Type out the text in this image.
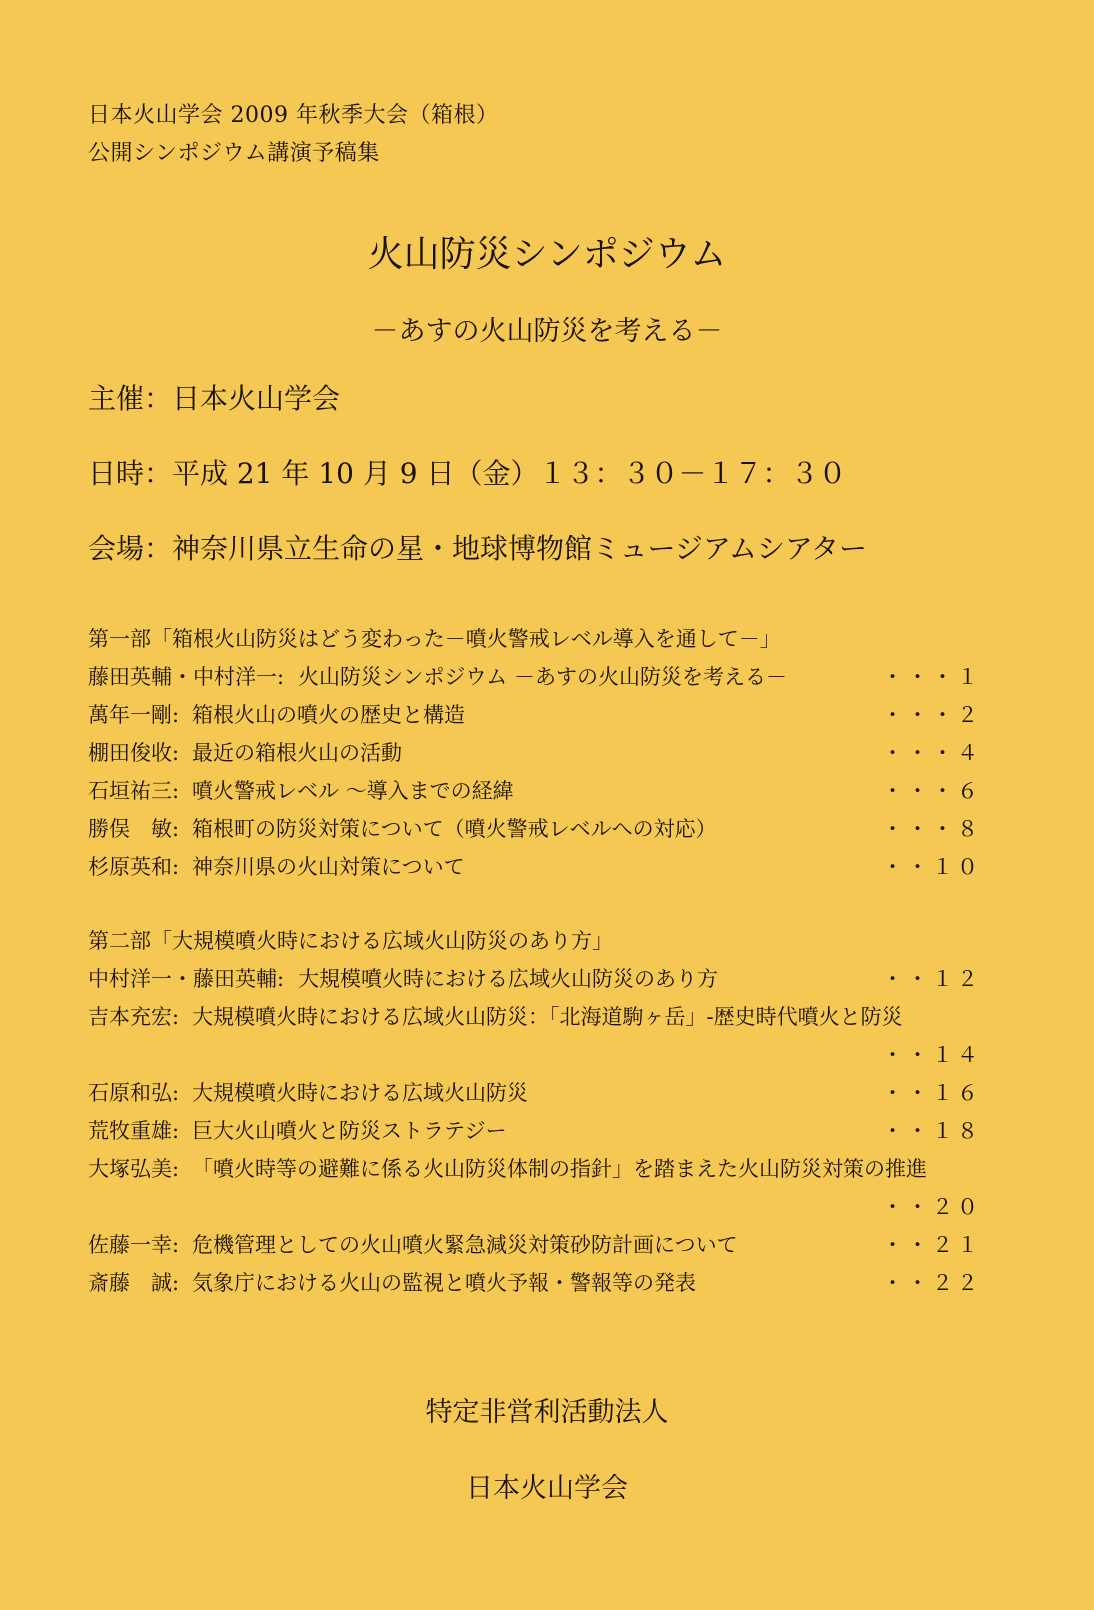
日本火山学会 2009 年秋季大会（箱根）
公開シンポジウム講演予稿集
火山防災シンポジウム
－あすの火山防災を考える－
主催：日本火山学会
日時：平成 21 年 10 月 9 日（金）１３：３０－１７：３０
会場：神奈川県立生命の星・地球博物館ミュージアムシアター
第一部「箱根火山防災はどう変わった－噴火警戒レベル導入を通して－」
藤田英輔・中村洋一: 火山防災シンポジウム －あすの火山防災を考える－	・・・１
萬年一剛: 箱根火山の噴火の歴史と構造	・・・２
棚田俊收: 最近の箱根火山の活動	・・・４
石垣祐三: 噴火警戒レベル ～導入までの経緯	・・・６
勝俣　敏: 箱根町の防災対策について（噴火警戒レベルへの対応）	・・・８
杉原英和: 神奈川県の火山対策について	・・１０
第二部「大規模噴火時における広域火山防災のあり方」
中村洋一・藤田英輔: 大規模噴火時における広域火山防災のあり方	・・１２
吉本充宏: 大規模噴火時における広域火山防災：「北海道駒ヶ岳」-歴史時代噴火と防災
・・１４
石原和弘: 大規模噴火時における広域火山防災	・・１６
荒牧重雄: 巨大火山噴火と防災ストラテジー	・・１８
大塚弘美: 「噴火時等の避難に係る火山防災体制の指針」を踏まえた火山防災対策の推進
・・２０
佐藤一幸: 危機管理としての火山噴火緊急減災対策砂防計画について	・・２１
斎藤　誠: 気象庁における火山の監視と噴火予報・警報等の発表	・・２２
特定非営利活動法人
日本火山学会
